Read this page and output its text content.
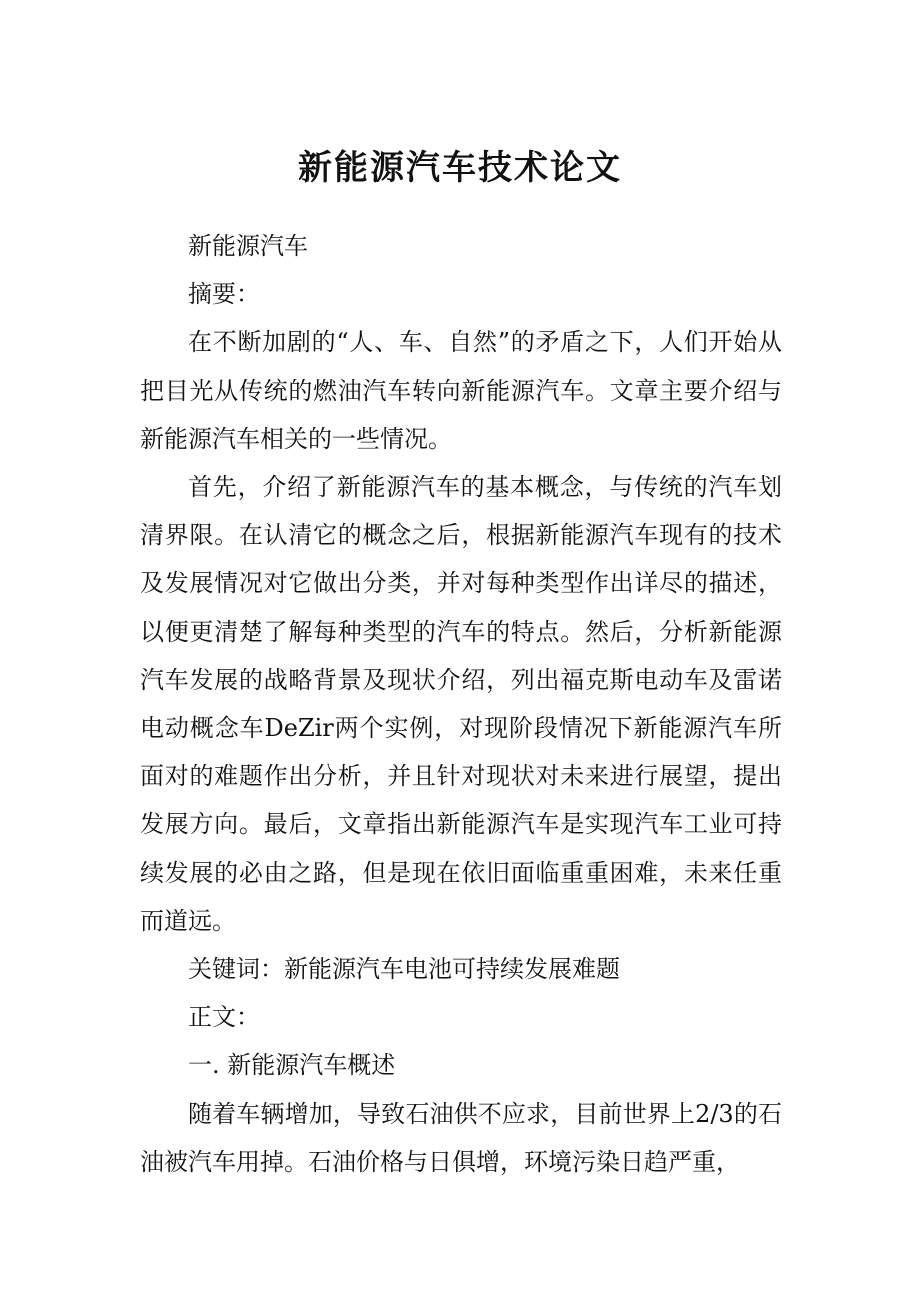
新能源汽车技术论文

新能源汽车

摘要：

在不断加剧的“人、车、自然”的矛盾之下，人们开始从把目光从传统的燃油汽车转向新能源汽车。文章主要介绍与新能源汽车相关的一些情况。

首先，介绍了新能源汽车的基本概念，与传统的汽车划清界限。在认清它的概念之后，根据新能源汽车现有的技术及发展情况对它做出分类，并对每种类型作出详尽的描述，以便更清楚了解每种类型的汽车的特点。然后，分析新能源汽车发展的战略背景及现状介绍，列出福克斯电动车及雷诺电动概念车DeZir两个实例，对现阶段情况下新能源汽车所面对的难题作出分析，并且针对现状对未来进行展望，提出发展方向。最后，文章指出新能源汽车是实现汽车工业可持续发展的必由之路，但是现在依旧面临重重困难，未来任重而道远。

关键词：新能源汽车电池可持续发展难题

正文：

一. 新能源汽车概述

随着车辆增加，导致石油供不应求，目前世界上2/3的石油被汽车用掉。石油价格与日俱增，环境污染日趋严重，
